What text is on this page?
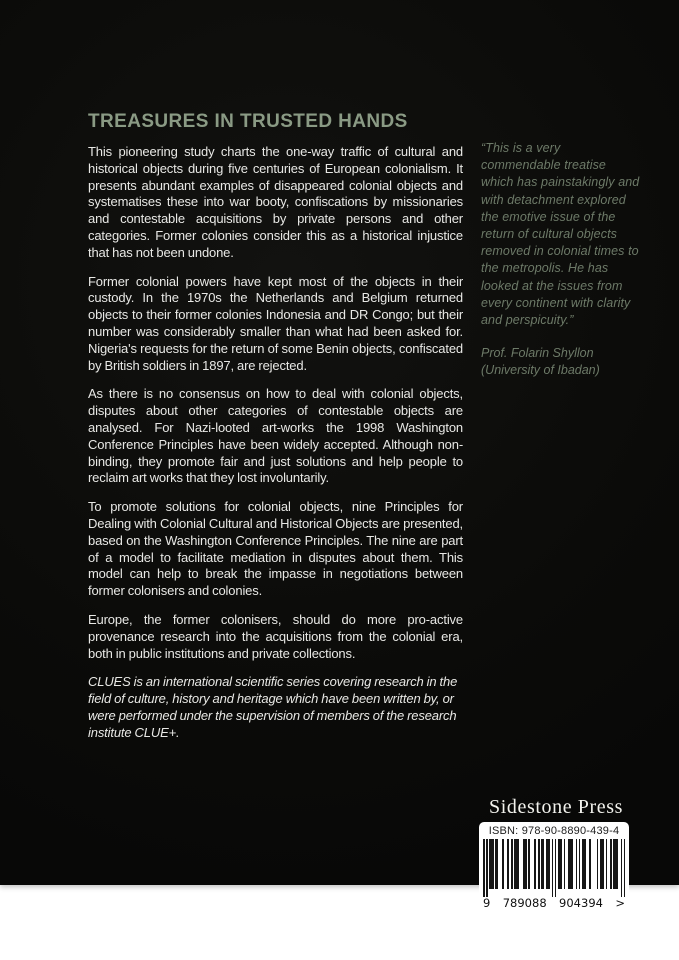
TREASURES IN TRUSTED HANDS

This pioneering study charts the one-way traffic of cultural and historical objects during five centuries of European colonialism. It presents abundant examples of disappeared colonial objects and systematises these into war booty, confiscations by missionaries and contestable acquisitions by private persons and other categories. Former colonies consider this as a historical injustice that has not been undone.

Former colonial powers have kept most of the objects in their custody. In the 1970s the Netherlands and Belgium returned objects to their former colonies Indonesia and DR Congo; but their number was considerably smaller than what had been asked for. Nigeria's requests for the return of some Benin objects, confiscated by British soldiers in 1897, are rejected.

As there is no consensus on how to deal with colonial objects, disputes about other categories of contestable objects are analysed. For Nazi-looted art-works the 1998 Washington Conference Principles have been widely accepted. Although non-binding, they promote fair and just solutions and help people to reclaim art works that they lost involuntarily.

To promote solutions for colonial objects, nine Principles for Dealing with Colonial Cultural and Historical Objects are presented, based on the Washington Conference Principles. The nine are part of a model to facilitate mediation in disputes about them. This model can help to break the impasse in negotiations between former colonisers and colonies.

Europe, the former colonisers, should do more pro-active provenance research into the acquisitions from the colonial era, both in public institutions and private collections.

CLUES is an international scientific series covering research in the field of culture, history and heritage which have been written by, or were performed under the supervision of members of the research institute CLUE+.

“This is a very commendable treatise which has painstakingly and with detachment explored the emotive issue of the return of cultural objects removed in colonial times to the metropolis. He has looked at the issues from every continent with clarity and perspicuity.”
Prof. Folarin Shyllon
(University of Ibadan)
Sidestone Press
ISBN: 978-90-8890-439-4
9 789088 904394 >
